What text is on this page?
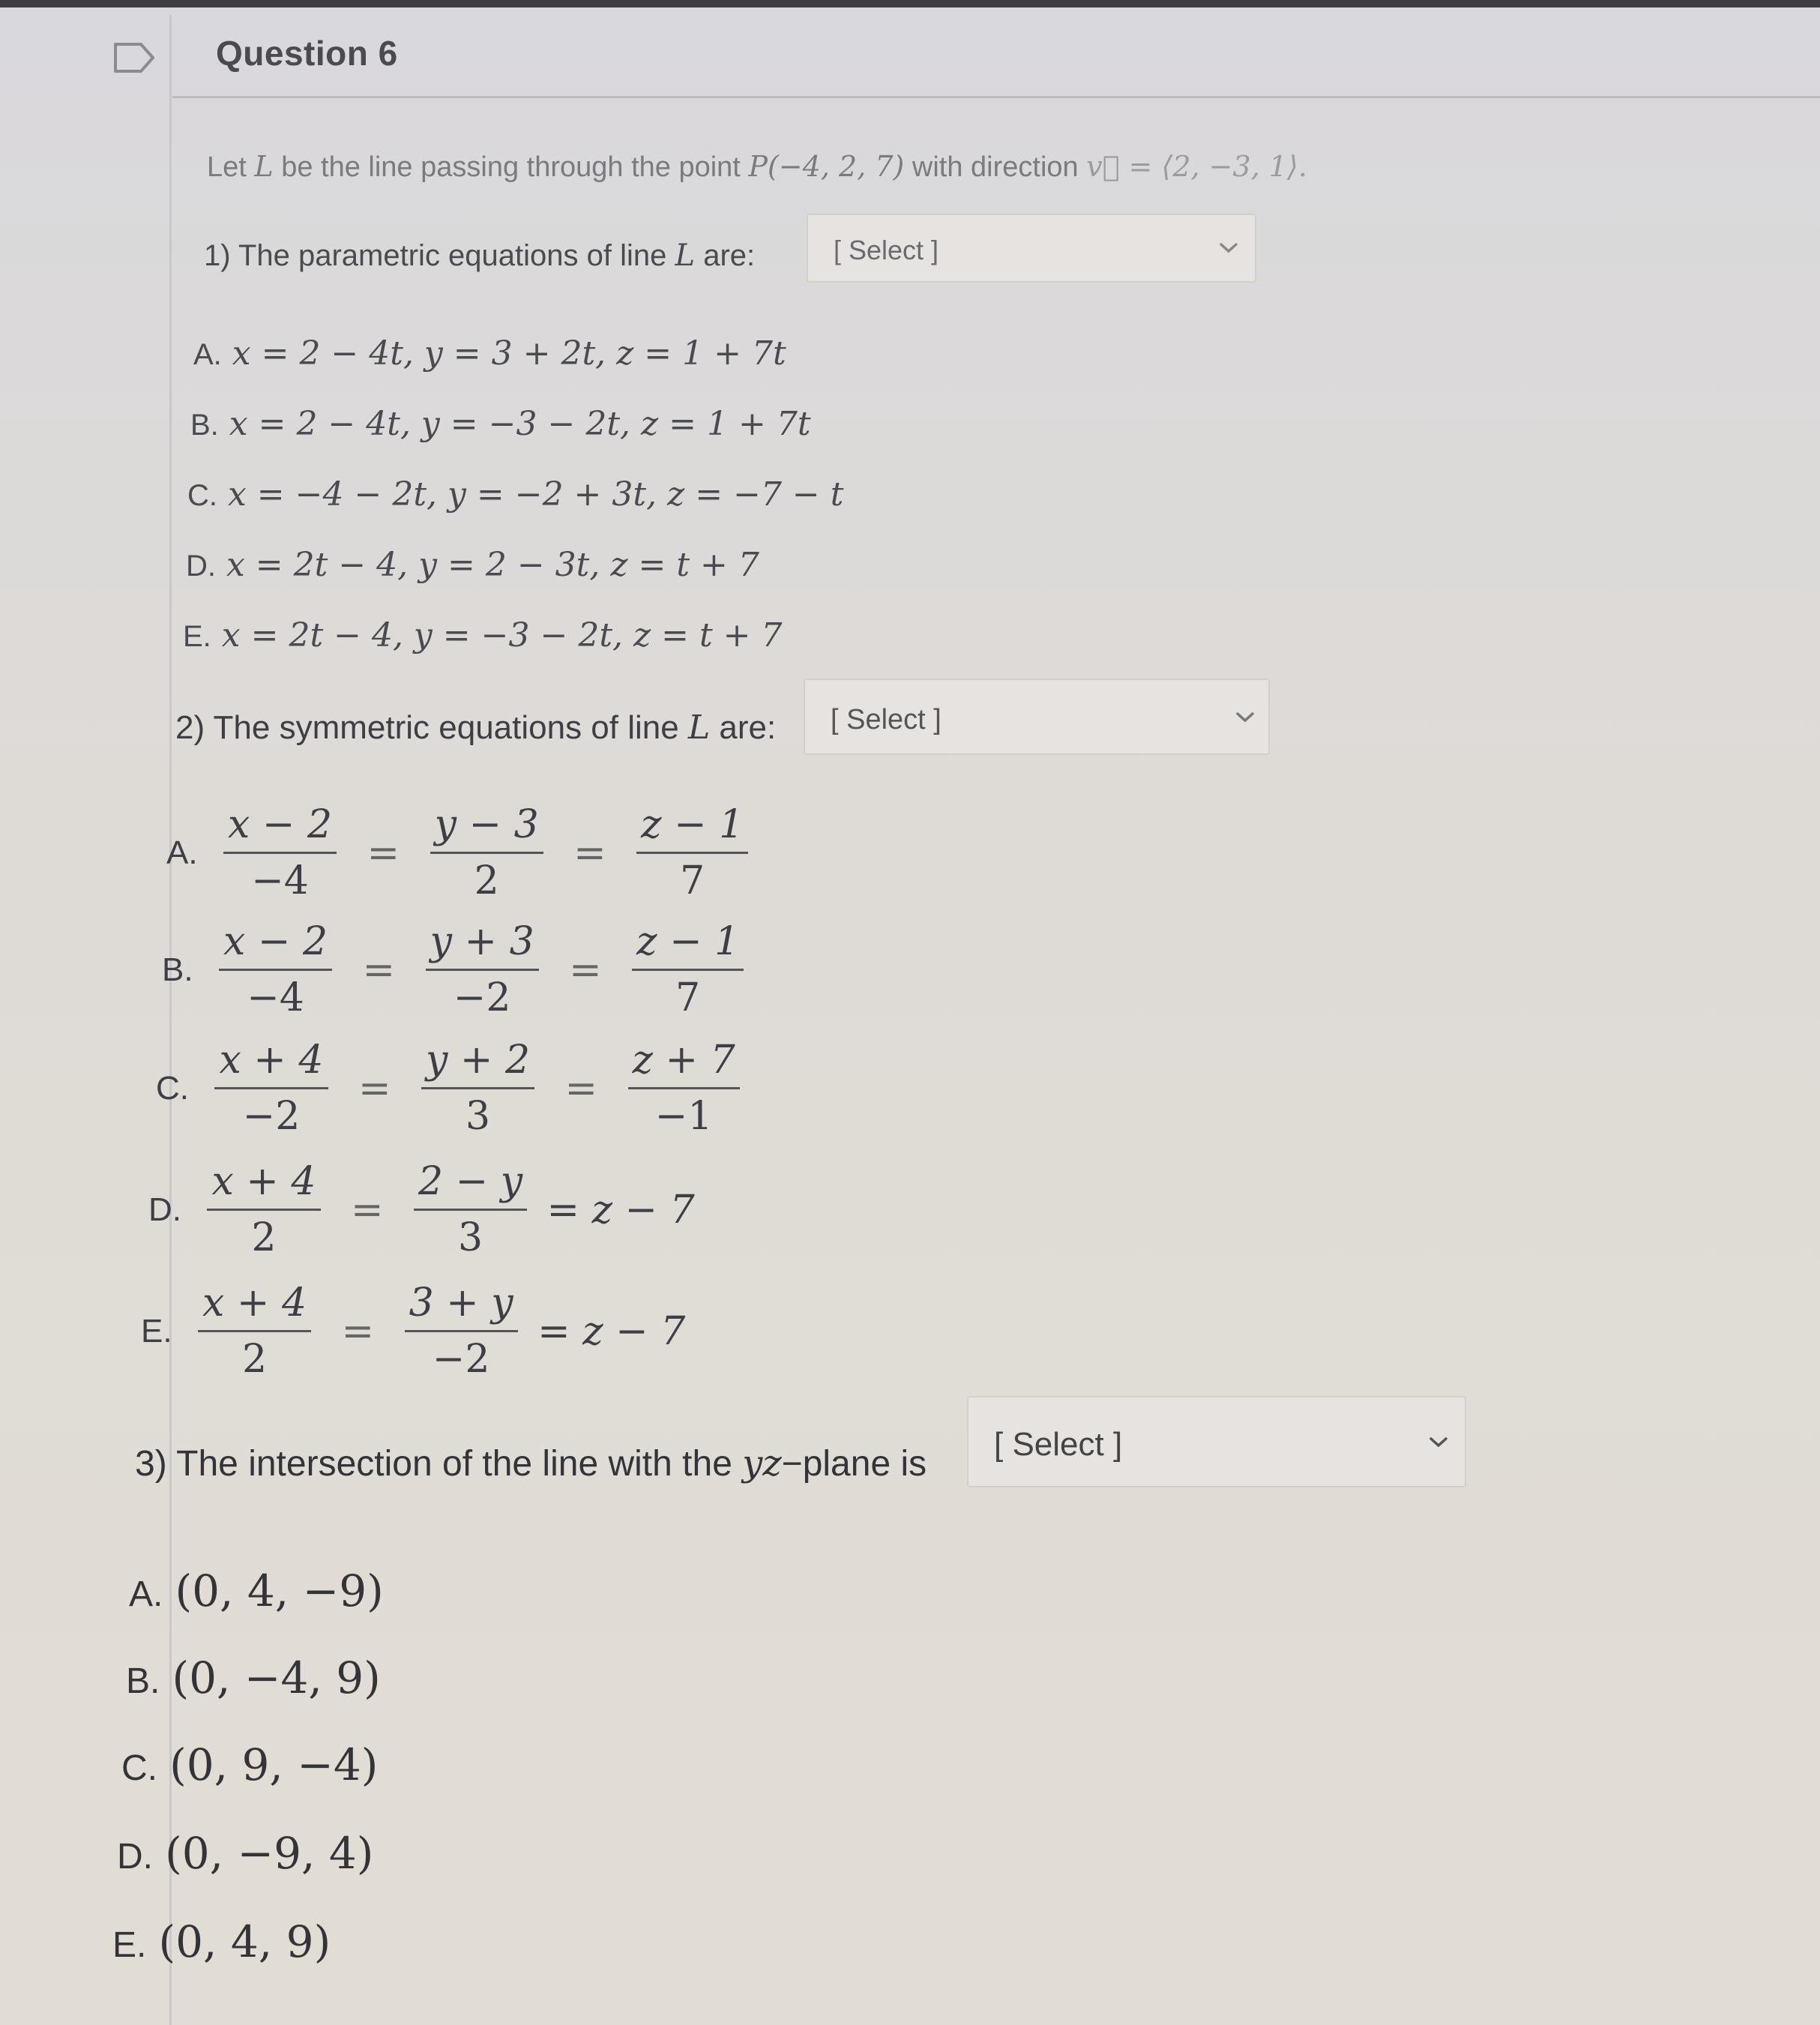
Question 6
Let L be the line passing through the point P(−4, 2, 7) with direction v⃗ = ⟨2, −3, 1⟩.
1) The parametric equations of line L are:	[ Select ]
A. x = 2 − 4t, y = 3 + 2t, z = 1 + 7t
B. x = 2 − 4t, y = −3 − 2t, z = 1 + 7t
C. x = −4 − 2t, y = −2 + 3t, z = −7 − t
D. x = 2t − 4, y = 2 − 3t, z = t + 7
E. x = 2t − 4, y = −3 − 2t, z = t + 7
2) The symmetric equations of line L are: [ Select ]
A. $\frac{x - 2}{-4} = \frac{y - 3}{2} = \frac{z - 1}{7}$
B. $\frac{x - 2}{-4} = \frac{y + 3}{-2} = \frac{z - 1}{7}$
C. $\frac{x + 4}{-2} = \frac{y + 2}{3} = \frac{z + 7}{-1}$
D. $\frac{x + 4}{2} = \frac{2 - y}{3} = z - 7$
E. $\frac{x + 4}{2} = \frac{3 + y}{-2} = z - 7$
3) The intersection of the line with the yz−plane is [ Select ]
A. (0, 4, −9)
B. (0, −4, 9)
C. (0, 9, −4)
D. (0, −9, 4)
E. (0, 4, 9)
